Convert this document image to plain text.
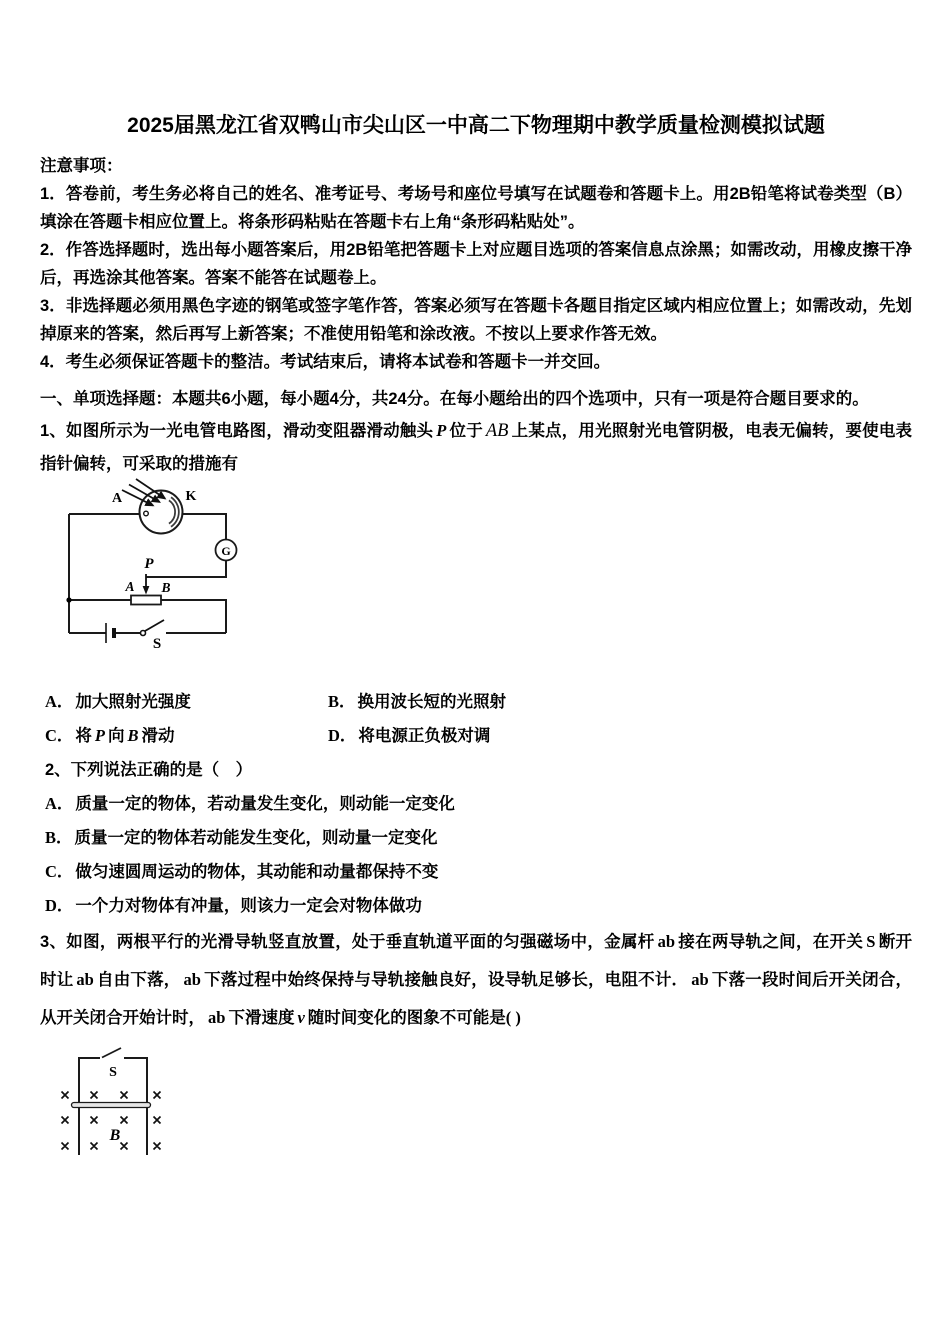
2025届黑龙江省双鸭山市尖山区一中高二下物理期中教学质量检测模拟试题

注意事项：

1．答卷前，考生务必将自己的姓名、准考证号、考场号和座位号填写在试题卷和答题卡上。用2B铅笔将试卷类型（B）填涂在答题卡相应位置上。将条形码粘贴在答题卡右上角“条形码粘贴处”。

2．作答选择题时，选出每小题答案后，用2B铅笔把答题卡上对应题目选项的答案信息点涂黑；如需改动，用橡皮擦干净后，再选涂其他答案。答案不能答在试题卷上。

3．非选择题必须用黑色字迹的钢笔或签字笔作答，答案必须写在答题卡各题目指定区域内相应位置上；如需改动，先划掉原来的答案，然后再写上新答案；不准使用铅笔和涂改液。不按以上要求作答无效。

4．考生必须保证答题卡的整洁。考试结束后，请将本试卷和答题卡一并交回。

一、单项选择题：本题共6小题，每小题4分，共24分。在每小题给出的四个选项中，只有一项是符合题目要求的。

1、如图所示为一光电管电路图，滑动变阻器滑动触头 P 位于 AB 上某点，用光照射光电管阴极，电表无偏转，要使电表指针偏转，可采取的措施有

G
A	K
P
A B
S
A． 加大照射光强度	B． 换用波长短的光照射
C． 将 P 向 B 滑动	D． 将电源正负极对调
2、下列说法正确的是（　）
A． 质量一定的物体，若动量发生变化，则动能一定变化
B． 质量一定的物体若动能发生变化，则动量一定变化
C． 做匀速圆周运动的物体，其动能和动量都保持不变
D． 一个力对物体有冲量，则该力一定会对物体做功

3、如图，两根平行的光滑导轨竖直放置，处于垂直轨道平面的匀强磁场中，金属杆 ab 接在两导轨之间，在开关 S 断开时让 ab 自由下落， ab 下落过程中始终保持与导轨接触良好，设导轨足够长，电阻不计． ab 下落一段时间后开关闭合，从开关闭合开始计时， ab 下滑速度 v 随时间变化的图象不可能是( )

S
B
